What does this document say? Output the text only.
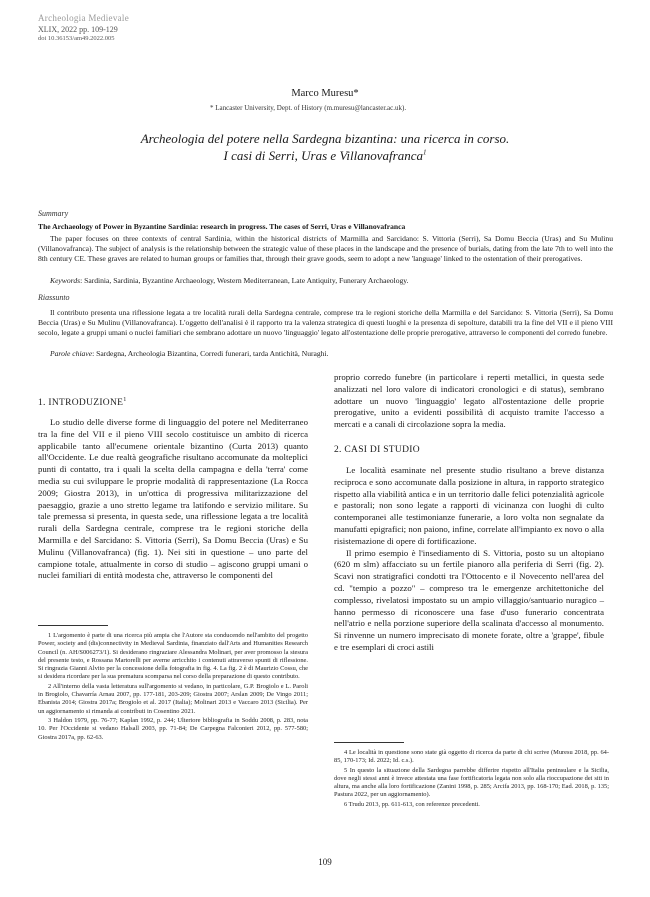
Archeologia Medievale
XLIX, 2022 pp. 109-129
doi 10.36153/am49.2022.005
Marco Muresu*
* Lancaster University, Dept. of History (m.muresu@lancaster.ac.uk).
Archeologia del potere nella Sardegna bizantina: una ricerca in corso.
I casi di Serri, Uras e Villanovafranca$^1$
Summary
The Archaeology of Power in Byzantine Sardinia: research in progress. The cases of Serri, Uras e Villanovafranca
The paper focuses on three contexts of central Sardinia, within the historical districts of Marmilla and Sarcidano: S. Vittoria (Serri), Sa Domu Beccia (Uras) and Su Mulinu (Villanovafranca). The subject of analysis is the relationship between the strategic value of these places in the landscape and the presence of burials, dating from the late 7th to well into the 8th century CE. These graves are related to human groups or families that, through their grave goods, seem to adopt a new 'language' linked to the ostentation of their prerogatives.
Keywords: Sardinia, Sardinia, Byzantine Archaeology, Western Mediterranean, Late Antiquity, Funerary Archaeology.
Riassunto
Il contributo presenta una riflessione legata a tre località rurali della Sardegna centrale, comprese tra le regioni storiche della Marmilla e del Sarcidano: S. Vittoria (Serri), Sa Domu Beccia (Uras) e Su Mulinu (Villanovafranca). L'oggetto dell'analisi è il rapporto tra la valenza strategica di questi luoghi e la presenza di sepolture, databili tra la fine del VII e il pieno VIII secolo, legate a gruppi umani o nuclei familiari che sembrano adottare un nuovo 'linguaggio' legato all'ostentazione delle proprie prerogative, attraverso le componenti del corredo funebre.
Parole chiave: Sardegna, Archeologia Bizantina, Corredi funerari, tarda Antichità, Nuraghi.
1. INTRODUZIONE$^1$

Lo studio delle diverse forme di linguaggio del potere nel Mediterraneo tra la fine del VII e il pieno VIII secolo costituisce un ambito di ricerca applicabile tanto all'ecumene orientale bizantino (Curta 2013) quanto all'Occidente. Le due realtà geografiche risultano accomunate da molteplici punti di contatto, tra i quali la scelta della campagna e della 'terra' come media su cui sviluppare le proprie modalità di rappresentazione (La Rocca 2009; Giostra 2013), in un'ottica di progressiva militarizzazione del paesaggio, grazie a uno stretto legame tra latifondo e servizio militare. Su tale premessa si presenta, in questa sede, una riflessione legata a tre località rurali della Sardegna centrale, comprese tra le regioni storiche della Marmilla e del Sarcidano: S. Vittoria (Serri), Sa Domu Beccia (Uras) e Su Mulinu (Villanovafranca) (fig. 1). Nei siti in questione – uno parte del campione totale, attualmente in corso di studio – agiscono gruppi umani o nuclei familiari di entità modesta che, attraverso le componenti del

proprio corredo funebre (in particolare i reperti metallici, in questa sede analizzati nel loro valore di indicatori cronologici e di status), sembrano adottare un nuovo 'linguaggio' legato all'ostentazione delle proprie prerogative, unito a evidenti possibilità di acquisto tramite l'accesso a mercati e a canali di circolazione sopra la media.

2. CASI DI STUDIO

Le località esaminate nel presente studio risultano a breve distanza reciproca e sono accomunate dalla posizione in altura, in rapporto strategico rispetto alla viabilità antica e in un territorio dalle felici potenzialità agricole e pastorali; non sono legate a rapporti di vicinanza con luoghi di culto contemporanei alle testimonianze funerarie, a loro volta non segnalate da manufatti epigrafici; non paiono, infine, correlate all'impianto ex novo o alla risistemazione di opere di fortificazione.

Il primo esempio è l'insediamento di S. Vittoria, posto su un altopiano (620 m slm) affacciato su un fertile pianoro alla periferia di Serri (fig. 2). Scavi non stratigrafici condotti tra l'Ottocento e il Novecento nell'area del cd. "tempio a pozzo" – compreso tra le emergenze architettoniche del complesso, rivelatosi impostato su un ampio villaggio/santuario nuragico – hanno permesso di riconoscere una fase d'uso funerario concentrata nell'atrio e nella porzione superiore della scalinata d'accesso al monumento. Si rinvenne un numero imprecisato di monete forate, oltre a 'grappe', fibule e tre esemplari di croci astili

1 L'argomento è parte di una ricerca più ampia che l'Autore sta conducendo nell'ambito del progetto Power, society and (dis)connectivity in Medieval Sardinia, finanziato dall'Arts and Humanities Research Council (n. AH/S006273/1). Si desiderano ringraziare Alessandra Molinari, per aver promosso la stesura del presente testo, e Rossana Martorelli per averne arricchito i contenuti attraverso spunti di riflessione. Si ringrazia Gianni Alvito per la concessione della fotografia in fig. 4. La fig. 2 è di Maurizio Cossu, che si desidera ricordare per la sua prematura scomparsa nel corso della preparazione di questo contributo.

2 All'interno della vasta letteratura sull'argomento si vedano, in particolare, G.P. Brogiolo e L. Paroli in Brogiolo, Chavarría Arnau 2007, pp. 177-181, 203-209; Giostra 2007; Arslan 2009; De Vingo 2011; Ebanista 2014; Giostra 2017a; Brogiolo et al. 2017 (Italia); Molinari 2013 e Vaccaro 2013 (Sicilia). Per un aggiornamento si rimanda ai contributi in Cosentino 2021.

3 Haldon 1979, pp. 76-77; Kaplan 1992, p. 244; Ulteriore bibliografia in Soddu 2008, p. 283, nota 10. Per l'Occidente si vedano Halsall 2003, pp. 71-84; De Carpegna Falconieri 2012, pp. 577-580; Giostra 2017a, pp. 62-63.

4 Le località in questione sono state già oggetto di ricerca da parte di chi scrive (Muresu 2018, pp. 64-85, 170-173; Id. 2022; Id. c.s.).

5 In questo la situazione della Sardegna parrebbe differire rispetto all'Italia peninsulare e la Sicilia, dove negli stessi anni è invece attestata una fase fortificatoria legata non solo alla rioccupazione dei siti in altura, ma anche alla loro fortificazione (Zanini 1998, p. 285; Arcifa 2013, pp. 168-170; Ead. 2018, p. 135; Pastura 2022, per un aggiornamento).

6 Trudu 2013, pp. 611-613, con referenze precedenti.

109
